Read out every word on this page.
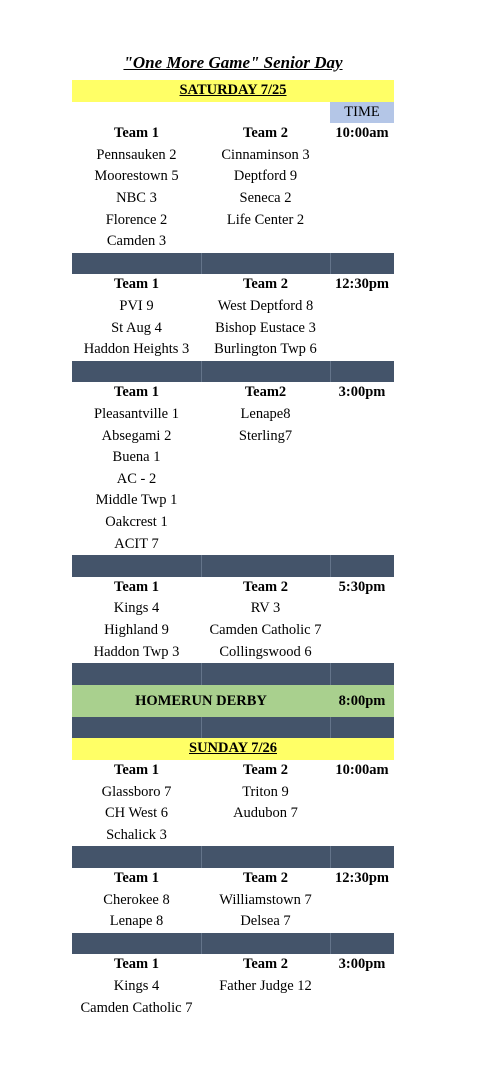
"One More Game" Senior Day
SATURDAY 7/25
TIME
Team 1	Team 2	10:00am
Pennsauken 2	Cinnaminson 3
Moorestown 5	Deptford 9
NBC 3	Seneca 2
Florence 2	Life Center 2
Camden 3
Team 1	Team 2	12:30pm
PVI 9	West Deptford 8
St Aug 4	Bishop Eustace 3
Haddon Heights 3	Burlington Twp 6
Team 1	Team2	3:00pm
Pleasantville 1	Lenape8
Absegami 2	Sterling7
Buena 1
AC - 2
Middle Twp 1
Oakcrest 1
ACIT 7
Team 1	Team 2	5:30pm
Kings 4	RV 3
Highland 9	Camden Catholic 7
Haddon Twp 3	Collingswood 6
HOMERUN DERBY	8:00pm
SUNDAY 7/26
Team 1	Team 2	10:00am
Glassboro 7	Triton 9
CH West 6	Audubon 7
Schalick 3
Team 1	Team 2	12:30pm
Cherokee 8	Williamstown 7
Lenape 8	Delsea 7
Team 1	Team 2	3:00pm
Kings 4	Father Judge 12
Camden Catholic 7
